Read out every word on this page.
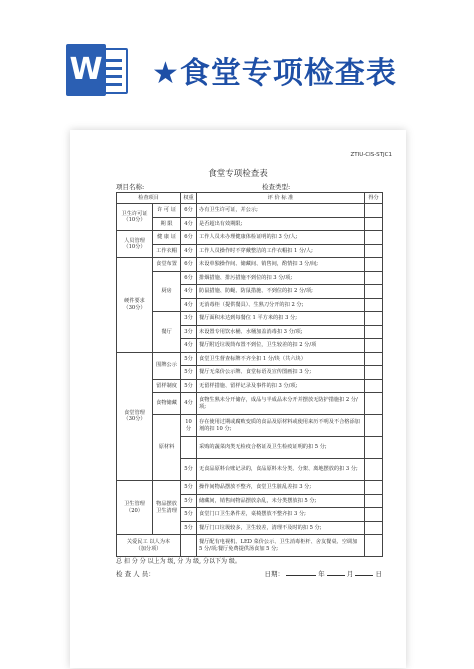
W ★食堂专项检查表
ZTIU-CIS-STJC1
食堂专项检查表
项目名称:	检查类型:
检查项目		权重	评 价 标 准	得分
卫生许可证
（10分）	许 可 证	6分	办有卫生许可证，并公示;	
	期 限	4分	是否超出有效期限;	
人员管理
（10分）	健 康 证	6分	工作人员未办理健康体检证明的扣 3 分/人;	
	工作衣帽	4分	工作人员操作时不穿戴整洁的工作衣帽扣 1 分/人;	
硬件要求
（30分）	食堂布置	6分	未设单独操作间、储藏间、销售间，酌情扣 3 分/间;	
	厨房	6分	排烟措施、排污措施不到位的扣 3 分/项;	
		4分	防鼠措施、防蝇、防鼠措施、不到位的扣 2 分/项;	
		4分	无消毒柜（提供餐具）、生熟刀分开的扣 2 分;	
	餐厅	3分	餐厅面积未达到每餐位 1 平方米的扣 3 分;	
		3分	未设置专用饮水桶、水桶加盖消毒扣 3 分/项;	
		4分	餐厅附近垃圾筒布置不到位，卫生较差的扣 2 分/项	
食堂管理
（30分）	围牌公示	5分	食堂卫生督查标牌不齐全扣 1 分/块（共六块）	
		5分	餐厅无菜价公示牌、食堂标语及宣传图画扣 3 分;	
	留样制度	5分	无留样措施、留样记录及事件的扣 3 分/项;	
	食物储藏	4分	食物生熟未分开储存，成品与半成品未分开并摆放无防护措施扣 2 分/项;	
	原材料	10分	存在使用过期或腐败变质的食品及原材料或使用来历不明及不合格添加剂的扣 10 分;	
			采购的蔬菜肉类无检疫合格证及卫生检疫证明的扣 5 分;	
		5分	无食品原料台账记录的，食品原料未分类、分架、离地摆放的扣 3 分;	
卫生管理
（20）	物品摆放
卫生清理	5分	操作间物品摆放不整齐，食堂卫生脏乱差扣 3 分;	
		5分	储藏间，销售间物品摆放杂乱，未分类摆放扣 5 分;	
		5分	食堂门口卫生条件差，桌椅摆放不整齐扣 3 分;	
		5分	餐厅门口垃圾较多，卫生较差，清理不及时的扣 5 分;	
关爱民工 以人为本
（加分项）			餐厅配有电视机、LED 菜价公示、卫生消毒柜杆、舍友餐桌、空调加 5 分/项;餐厅免费提供汤食加 5 分;	
总 扣 分 分 以上为 级, 分 为 级, 分以下为 级。
检 查 人 员：	日期：	年	月	日
